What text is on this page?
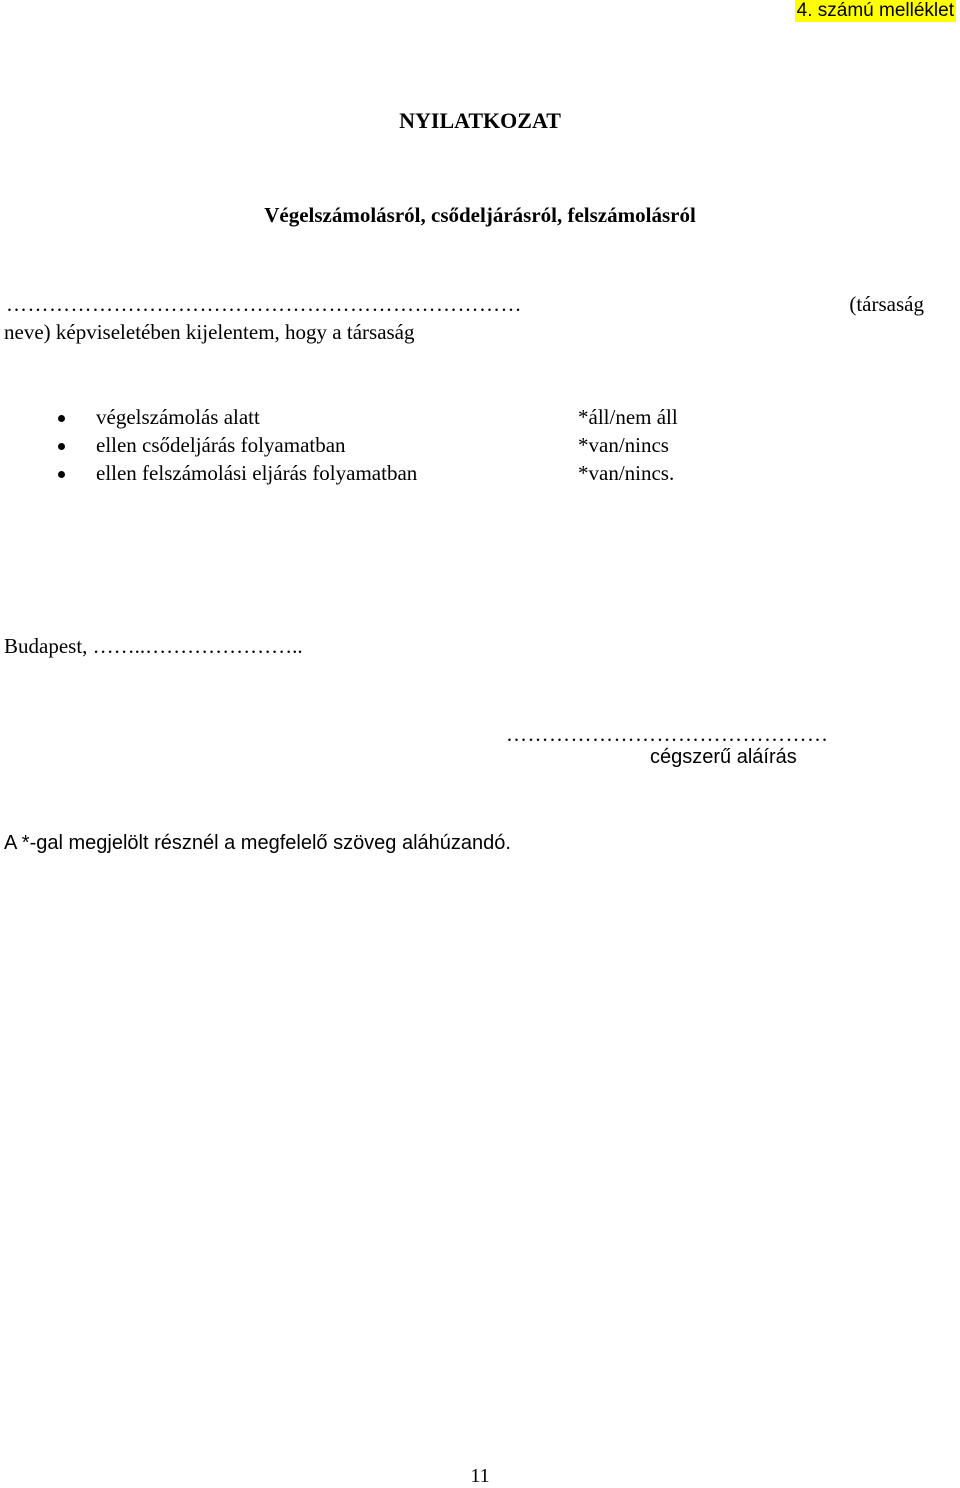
4. számú melléklet
NYILATKOZAT
Végelszámolásról, csődeljárásról, felszámolásról
………………………………………………………………	(társaság
neve) képviseletében kijelentem, hogy a társaság
végelszámolás alatt	*áll/nem áll
ellen csődeljárás folyamatban	*van/nincs
ellen felszámolási eljárás folyamatban	*van/nincs.
Budapest, ……..…………………..
………………………………………
cégszerű aláírás
A *-gal megjelölt résznél a megfelelő szöveg aláhúzandó.
11
